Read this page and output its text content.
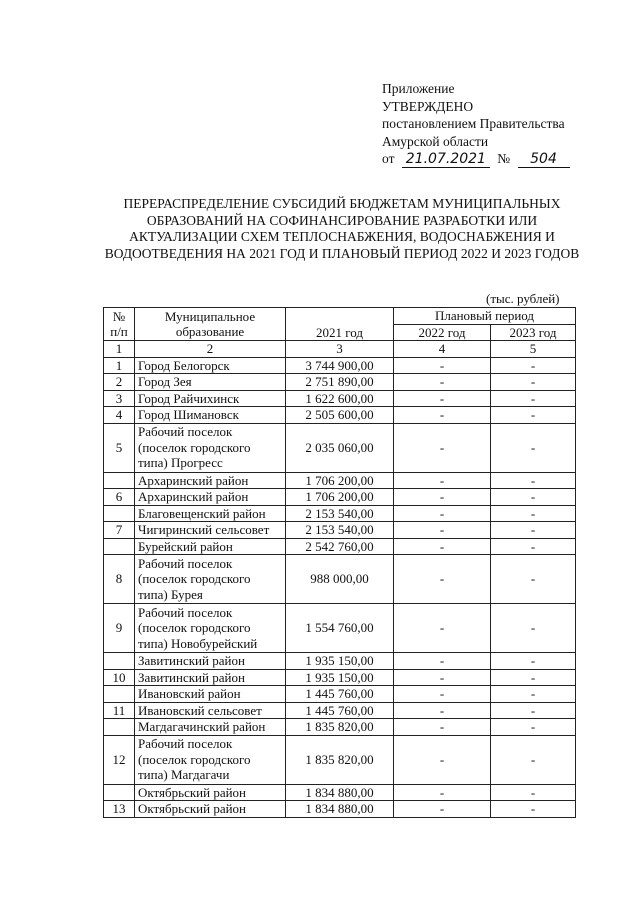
Приложение
УТВЕРЖДЕНО
постановлением Правительства
Амурской области
от 21.07.2021 № 504
ПЕРЕРАСПРЕДЕЛЕНИЕ СУБСИДИЙ БЮДЖЕТАМ МУНИЦИПАЛЬНЫХ ОБРАЗОВАНИЙ НА СОФИНАНСИРОВАНИЕ РАЗРАБОТКИ ИЛИ АКТУАЛИЗАЦИИ СХЕМ ТЕПЛОСНАБЖЕНИЯ, ВОДОСНАБЖЕНИЯ И ВОДООТВЕДЕНИЯ НА 2021 ГОД И ПЛАНОВЫЙ ПЕРИОД 2022 И 2023 ГОДОВ

(тыс. рублей)

№ п/п	Муниципальное образование	2021 год	Плановый период	
			2022 год	2023 год
1	2	3	4	5
1	Город Белогорск	3 744 900,00	-	-
2	Город Зея	2 751 890,00	-	-
3	Город Райчихинск	1 622 600,00	-	-
4	Город Шимановск	2 505 600,00	-	-
5	Рабочий поселок (поселок городского типа) Прогресс	2 035 060,00	-	-
	Архаринский район	1 706 200,00	-	-
6	Архаринский район	1 706 200,00	-	-
	Благовещенский район	2 153 540,00	-	-
7	Чигиринский сельсовет	2 153 540,00	-	-
	Бурейский район	2 542 760,00	-	-
8	Рабочий поселок (поселок городского типа) Бурея	988 000,00	-	-
9	Рабочий поселок (поселок городского типа) Новобурейский	1 554 760,00	-	-
	Завитинский район	1 935 150,00	-	-
10	Завитинский район	1 935 150,00	-	-
	Ивановский район	1 445 760,00	-	-
11	Ивановский сельсовет	1 445 760,00	-	-
	Магдагачинский район	1 835 820,00	-	-
12	Рабочий поселок (поселок городского типа) Магдагачи	1 835 820,00	-	-
	Октябрьский район	1 834 880,00	-	-
13	Октябрьский район	1 834 880,00	-	-
